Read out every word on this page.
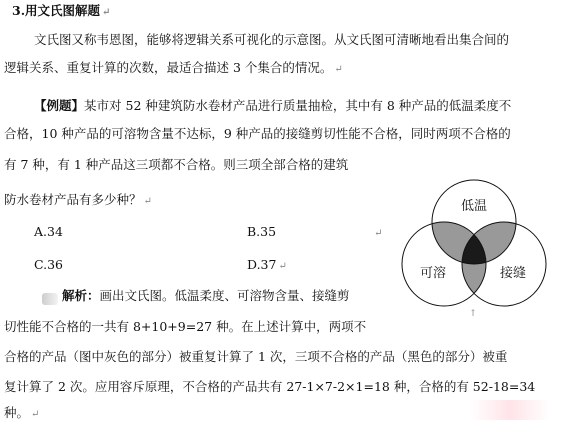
3.用文氏图解题 ↵
文氏图又称韦恩图，能够将逻辑关系可视化的示意图。从文氏图可清晰地看出集合间的
逻辑关系、重复计算的次数，最适合描述 3 个集合的情况。 ↵
【例题】某市对 52 种建筑防水卷材产品进行质量抽检，其中有 8 种产品的低温柔度不
合格，10 种产品的可溶物含量不达标，9 种产品的接缝剪切性能不合格，同时两项不合格的
有 7 种，有 1 种产品这三项都不合格。则三项全部合格的建筑
防水卷材产品有多少种？ ↵
A.34	B.35	↵
C.36	D.37 ↵
解析：画出文氏图。低温柔度、可溶物含量、接缝剪
切性能不合格的一共有 8+10+9=27 种。在上述计算中，两项不
合格的产品（图中灰色的部分）被重复计算了 1 次，三项不合格的产品（黑色的部分）被重
复计算了 2 次。应用容斥原理，不合格的产品共有 27-1×7-2×1=18 种，合格的有 52-18=34
种。 ↵
低温
可溶	接缝
↑
